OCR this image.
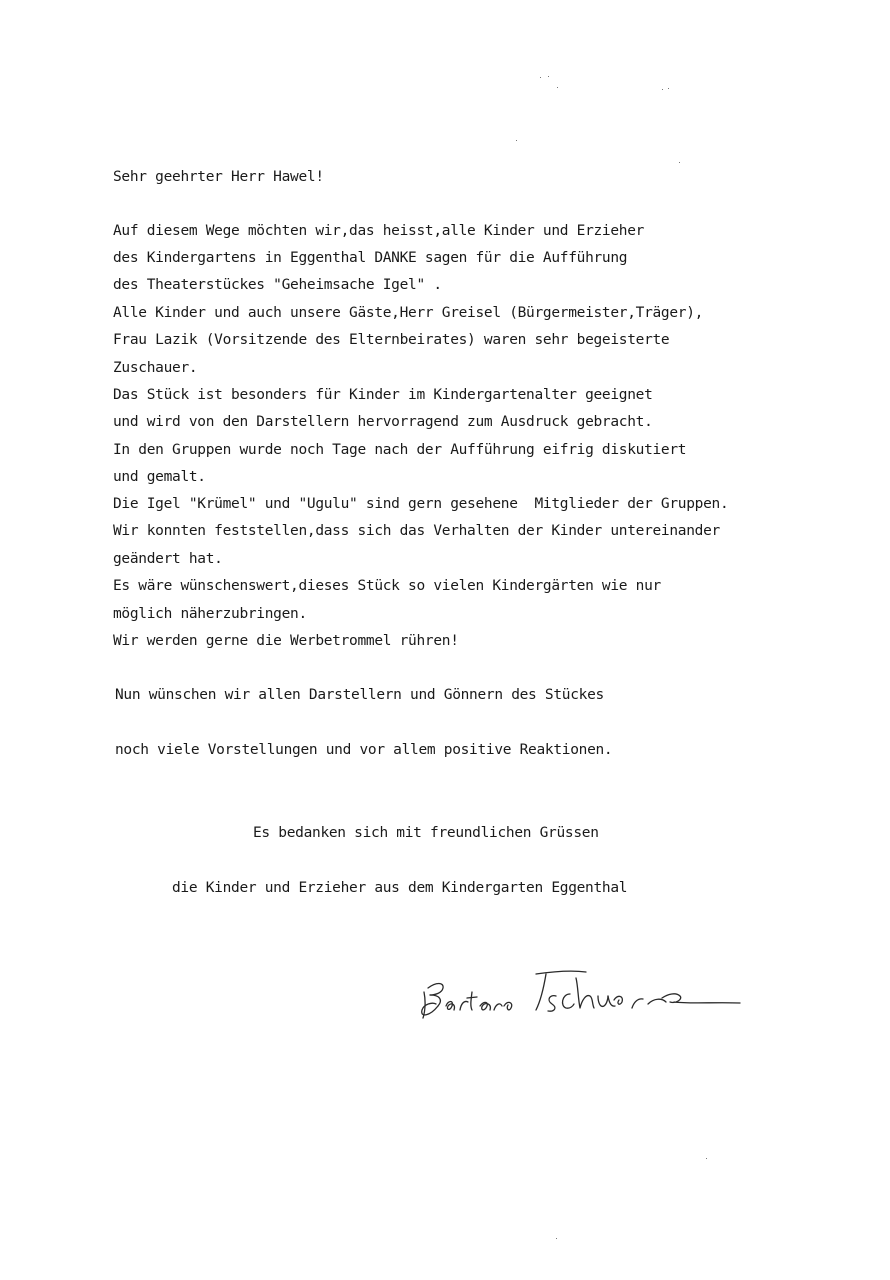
Sehr geehrter Herr Hawel!
Auf diesem Wege möchten wir,das heisst,alle Kinder und Erzieher
des Kindergartens in Eggenthal DANKE sagen für die Aufführung
des Theaterstückes "Geheimsache Igel" .
Alle Kinder und auch unsere Gäste,Herr Greisel (Bürgermeister,Träger),
Frau Lazik (Vorsitzende des Elternbeirates) waren sehr begeisterte
Zuschauer.
Das Stück ist besonders für Kinder im Kindergartenalter geeignet
und wird von den Darstellern hervorragend zum Ausdruck gebracht.
In den Gruppen wurde noch Tage nach der Aufführung eifrig diskutiert
und gemalt.
Die Igel "Krümel" und "Ugulu" sind gern gesehene  Mitglieder der Gruppen.
Wir konnten feststellen,dass sich das Verhalten der Kinder untereinander
geändert hat.
Es wäre wünschenswert,dieses Stück so vielen Kindergärten wie nur
möglich näherzubringen.
Wir werden gerne die Werbetrommel rühren!
Nun wünschen wir allen Darstellern und Gönnern des Stückes
noch viele Vorstellungen und vor allem positive Reaktionen.
Es bedanken sich mit freundlichen Grüssen
die Kinder und Erzieher aus dem Kindergarten Eggenthal
